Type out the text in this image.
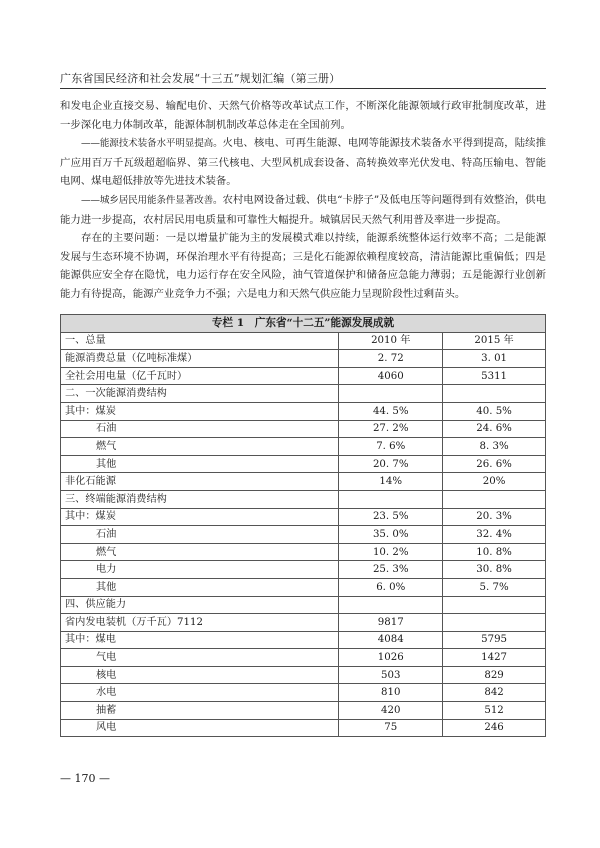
广东省国民经济和社会发展“十三五”规划汇编（第三册）

和发电企业直接交易、输配电价、天然气价格等改革试点工作，不断深化能源领域行政审批制度改革，进一步深化电力体制改革，能源体制机制改革总体走在全国前列。

——能源技术装备水平明显提高。火电、核电、可再生能源、电网等能源技术装备水平得到提高，陆续推广应用百万千瓦级超超临界、第三代核电、大型风机成套设备、高转换效率光伏发电、特高压输电、智能电网、煤电超低排放等先进技术装备。

——城乡居民用能条件显著改善。农村电网设备过载、供电“卡脖子”及低电压等问题得到有效整治，供电能力进一步提高，农村居民用电质量和可靠性大幅提升。城镇居民天然气利用普及率进一步提高。

存在的主要问题：一是以增量扩能为主的发展模式难以持续，能源系统整体运行效率不高；二是能源发展与生态环境不协调，环保治理水平有待提高；三是化石能源依赖程度较高，清洁能源比重偏低；四是能源供应安全存在隐忧，电力运行存在安全风险，油气管道保护和储备应急能力薄弱；五是能源行业创新能力有待提高，能源产业竞争力不强；六是电力和天然气供应能力呈现阶段性过剩苗头。

专栏 1　广东省“十二五”能源发展成就		
一、总量	2010 年	2015 年
能源消费总量（亿吨标准煤）	2. 72	3. 01
全社会用电量（亿千瓦时）	4060	5311
二、一次能源消费结构		
其中：煤炭	44. 5%	40. 5%
石油	27. 2%	24. 6%
燃气	7. 6%	8. 3%
其他	20. 7%	26. 6%
非化石能源	14%	20%
三、终端能源消费结构		
其中：煤炭	23. 5%	20. 3%
石油	35. 0%	32. 4%
燃气	10. 2%	10. 8%
电力	25. 3%	30. 8%
其他	6. 0%	5. 7%
四、供应能力		
省内发电装机（万千瓦）7112	9817	
其中：煤电	4084	5795
气电	1026	1427
核电	503	829
水电	810	842
抽蓄	420	512
风电	75	246
— 170 —
